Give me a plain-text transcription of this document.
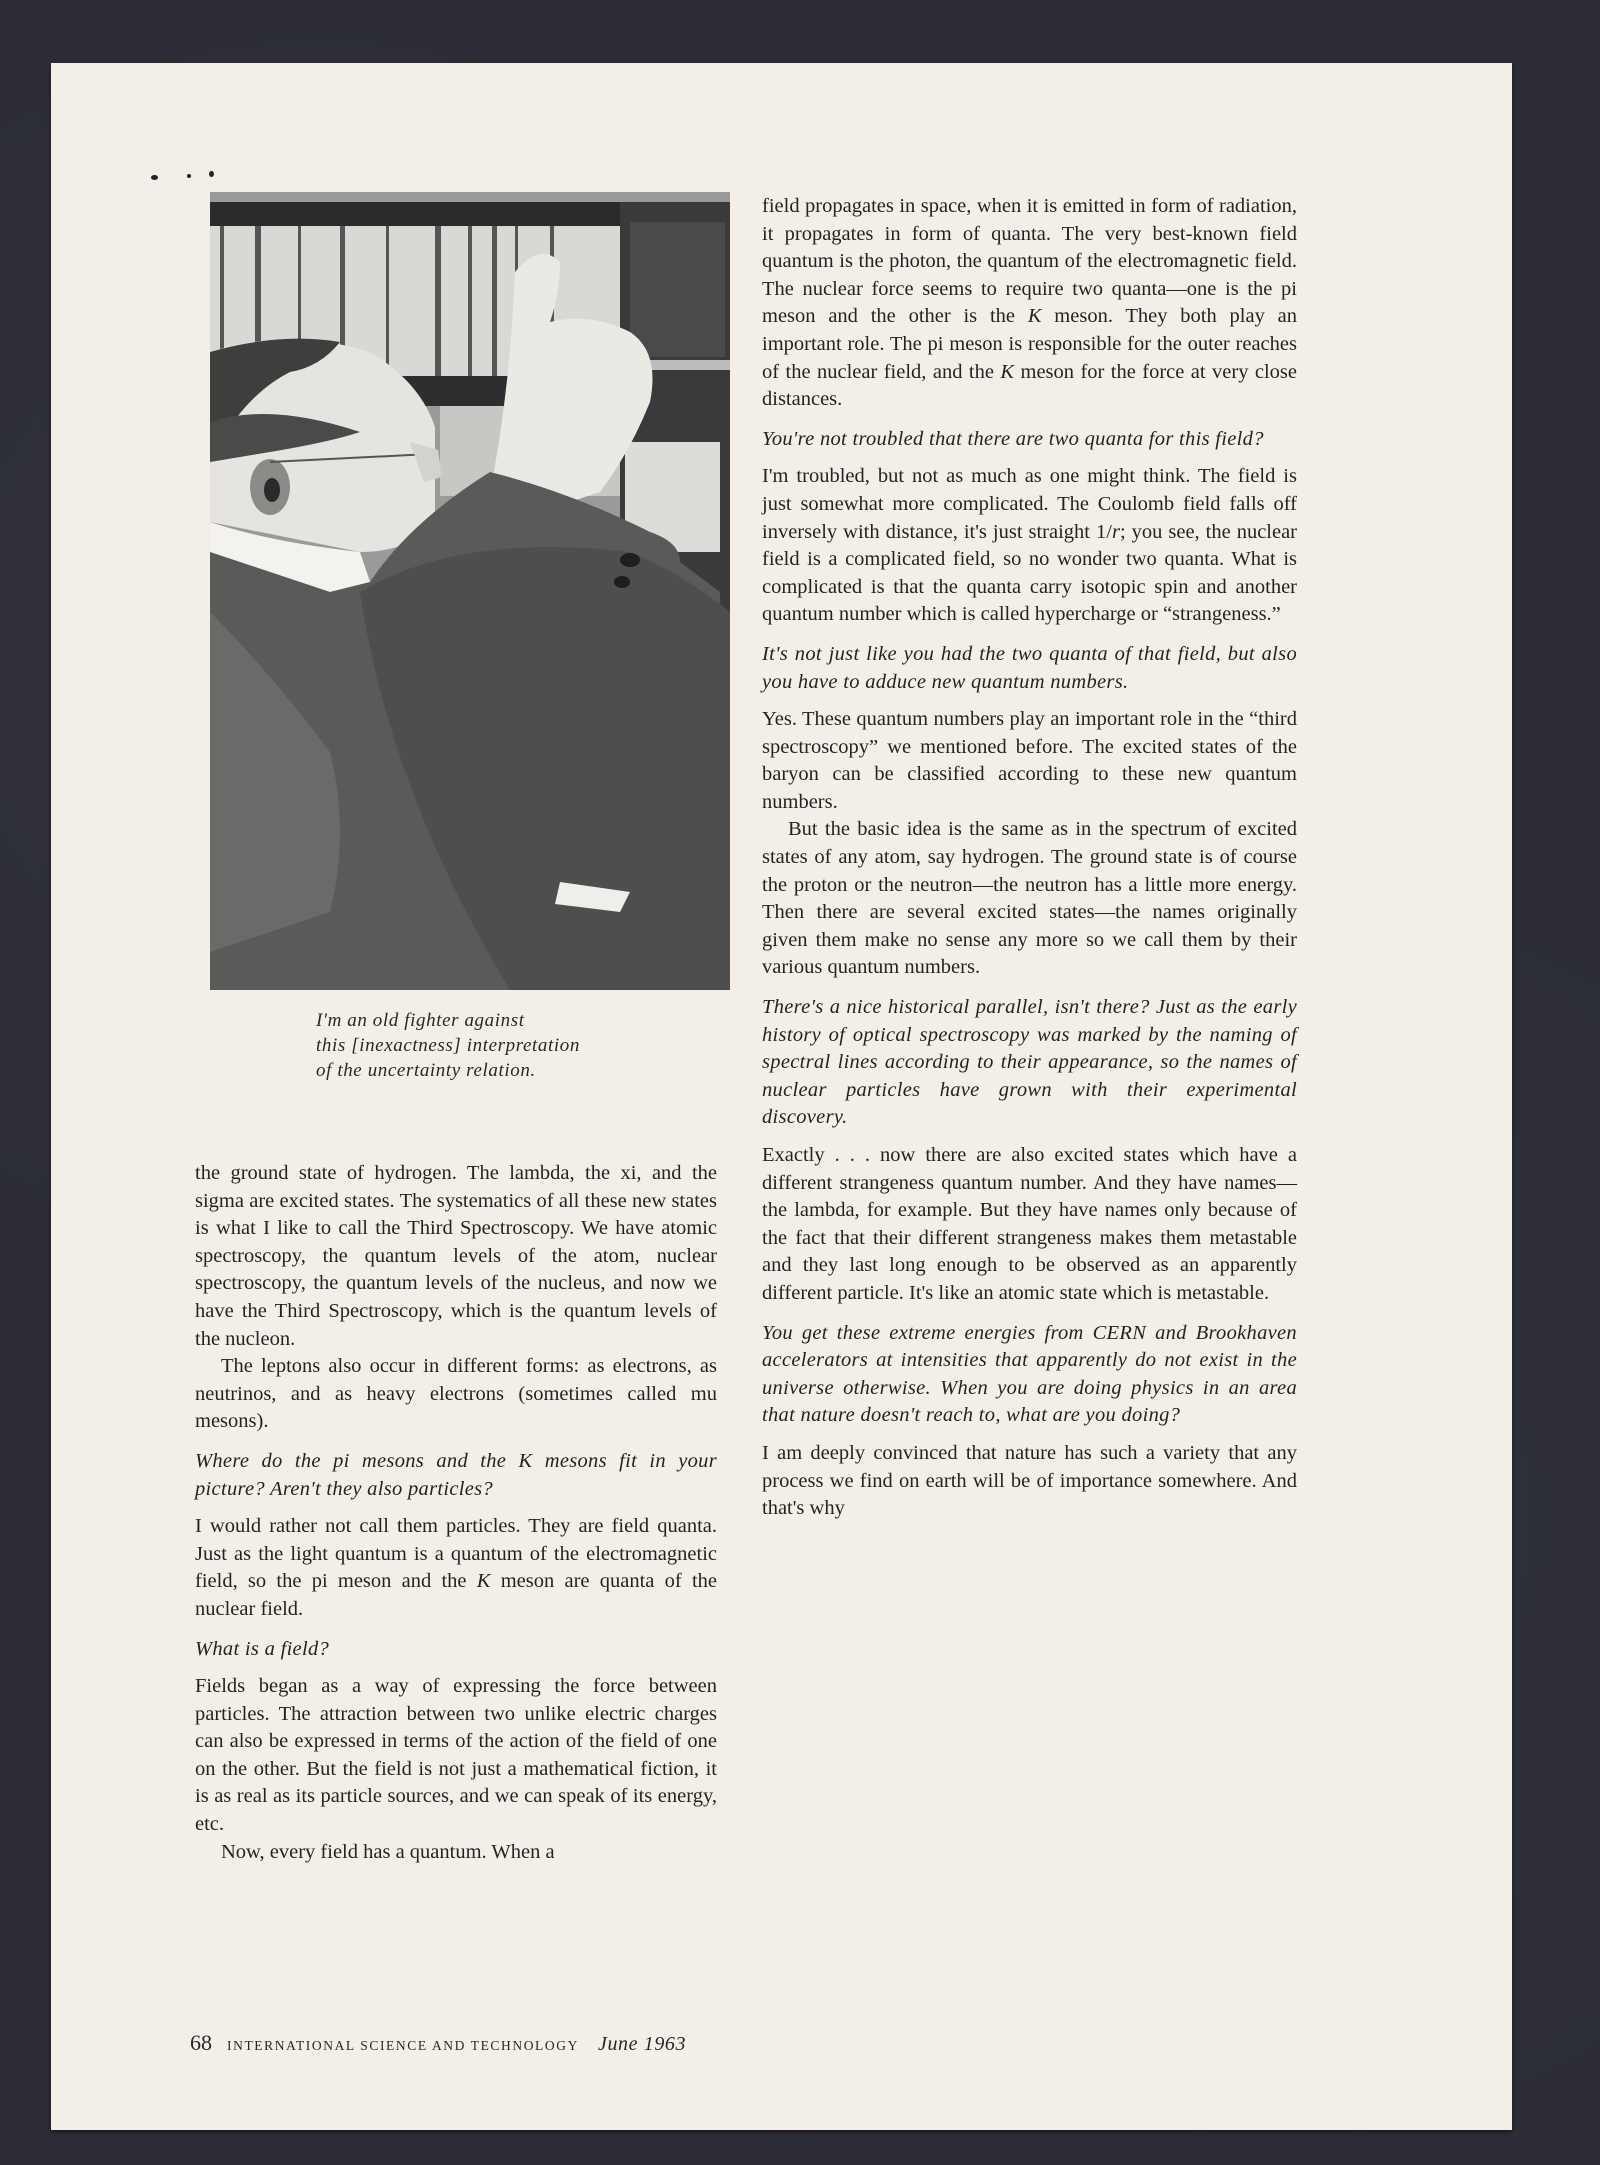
I'm an old fighter against
this [inexactness] interpretation
of the uncertainty relation.

the ground state of hydrogen. The lambda, the xi, and the sigma are excited states. The systematics of all these new states is what I like to call the Third Spectroscopy. We have atomic spectroscopy, the quantum levels of the atom, nuclear spectroscopy, the quantum levels of the nucleus, and now we have the Third Spectroscopy, which is the quantum levels of the nucleon.

The leptons also occur in different forms: as electrons, as neutrinos, and as heavy electrons (sometimes called mu mesons).

Where do the pi mesons and the K mesons fit in your picture? Aren't they also particles?

I would rather not call them particles. They are field quanta. Just as the light quantum is a quantum of the electromagnetic field, so the pi meson and the K meson are quanta of the nuclear field.

What is a field?

Fields began as a way of expressing the force between particles. The attraction between two unlike electric charges can also be expressed in terms of the action of the field of one on the other. But the field is not just a mathematical fiction, it is as real as its particle sources, and we can speak of its energy, etc.

Now, every field has a quantum. When a

field propagates in space, when it is emitted in form of radiation, it propagates in form of quanta. The very best-known field quantum is the photon, the quantum of the electromagnetic field. The nuclear force seems to require two quanta—one is the pi meson and the other is the K meson. They both play an important role. The pi meson is responsible for the outer reaches of the nuclear field, and the K meson for the force at very close distances.

You're not troubled that there are two quanta for this field?

I'm troubled, but not as much as one might think. The field is just somewhat more complicated. The Coulomb field falls off inversely with distance, it's just straight 1/r; you see, the nuclear field is a complicated field, so no wonder two quanta. What is complicated is that the quanta carry isotopic spin and another quantum number which is called hypercharge or “strangeness.”

It's not just like you had the two quanta of that field, but also you have to adduce new quantum numbers.

Yes. These quantum numbers play an important role in the “third spectroscopy” we mentioned before. The excited states of the baryon can be classified according to these new quantum numbers.

But the basic idea is the same as in the spectrum of excited states of any atom, say hydrogen. The ground state is of course the proton or the neutron—the neutron has a little more energy. Then there are several excited states—the names originally given them make no sense any more so we call them by their various quantum numbers.

There's a nice historical parallel, isn't there? Just as the early history of optical spectroscopy was marked by the naming of spectral lines according to their appearance, so the names of nuclear particles have grown with their experimental discovery.

Exactly . . . now there are also excited states which have a different strangeness quantum number. And they have names—the lambda, for example. But they have names only because of the fact that their different strangeness makes them metastable and they last long enough to be observed as an apparently different particle. It's like an atomic state which is metastable.

You get these extreme energies from CERN and Brookhaven accelerators at intensities that apparently do not exist in the universe otherwise. When you are doing physics in an area that nature doesn't reach to, what are you doing?

I am deeply convinced that nature has such a variety that any process we find on earth will be of importance somewhere. And that's why

68 INTERNATIONAL SCIENCE AND TECHNOLOGY June 1963
